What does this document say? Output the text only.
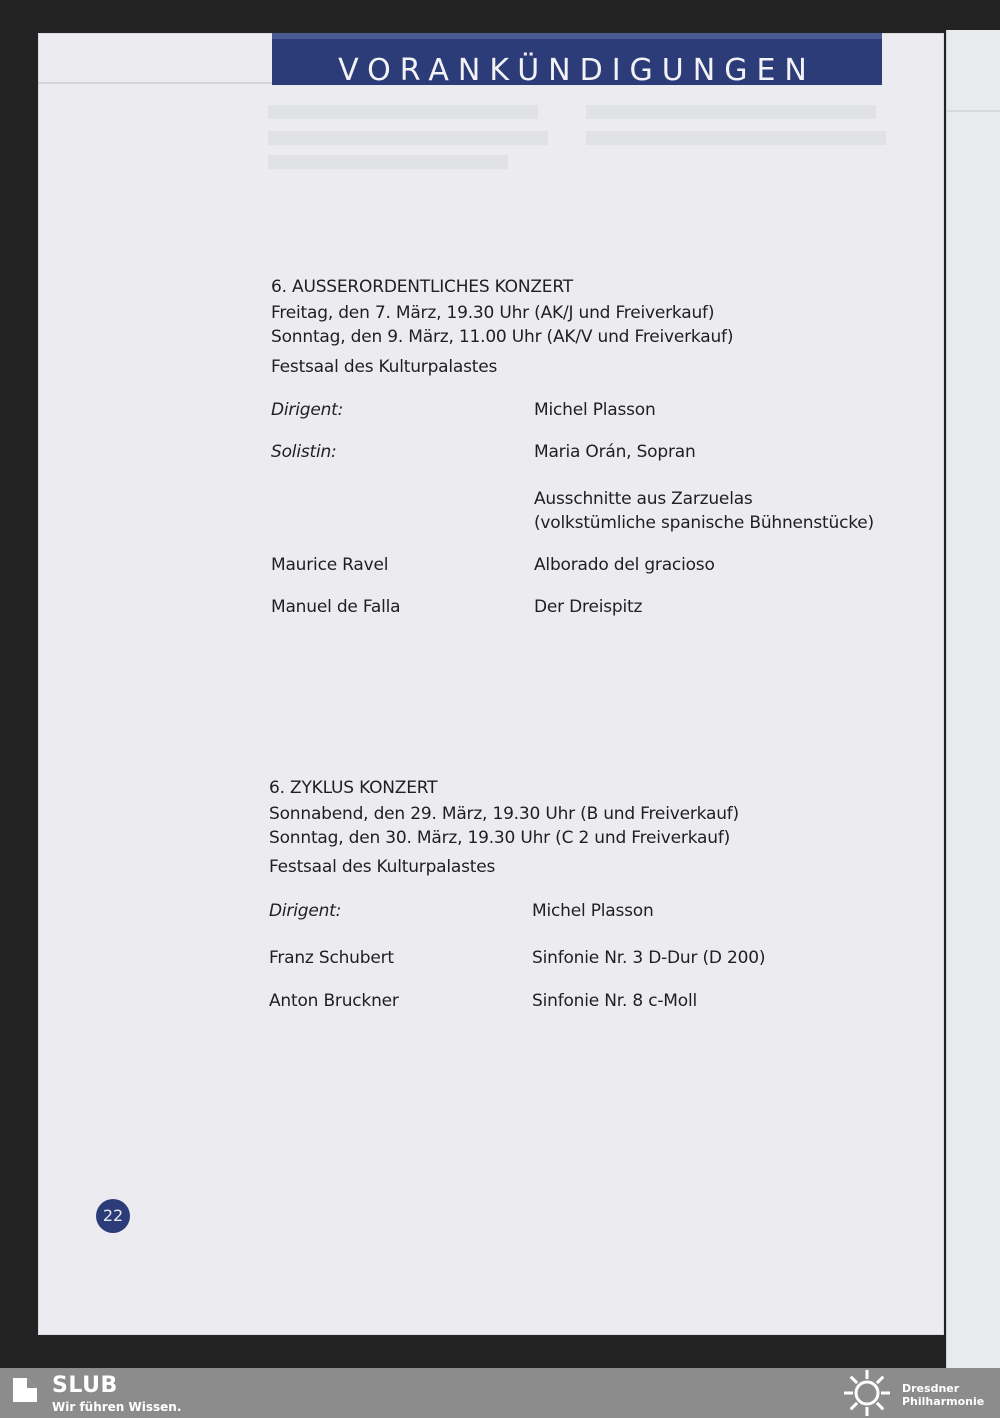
VORANKÜNDIGUNGEN
6. AUSSERORDENTLICHES KONZERT
Freitag, den 7. März, 19.30 Uhr (AK/J und Freiverkauf)
Sonntag, den 9. März, 11.00 Uhr (AK/V und Freiverkauf)
Festsaal des Kulturpalastes
Dirigent:	Michel Plasson
Solistin:	Maria Orán, Sopran
Ausschnitte aus Zarzuelas
(volkstümliche spanische Bühnenstücke)
Maurice Ravel	Alborado del gracioso
Manuel de Falla	Der Dreispitz
6. ZYKLUS KONZERT
Sonnabend, den 29. März, 19.30 Uhr (B und Freiverkauf)
Sonntag, den 30. März, 19.30 Uhr (C 2 und Freiverkauf)
Festsaal des Kulturpalastes
Dirigent:	Michel Plasson
Franz Schubert	Sinfonie Nr. 3 D-Dur (D 200)
Anton Bruckner	Sinfonie Nr. 8 c-Moll
22
SLUB
Wir führen Wissen.
Dresdner
Philharmonie
